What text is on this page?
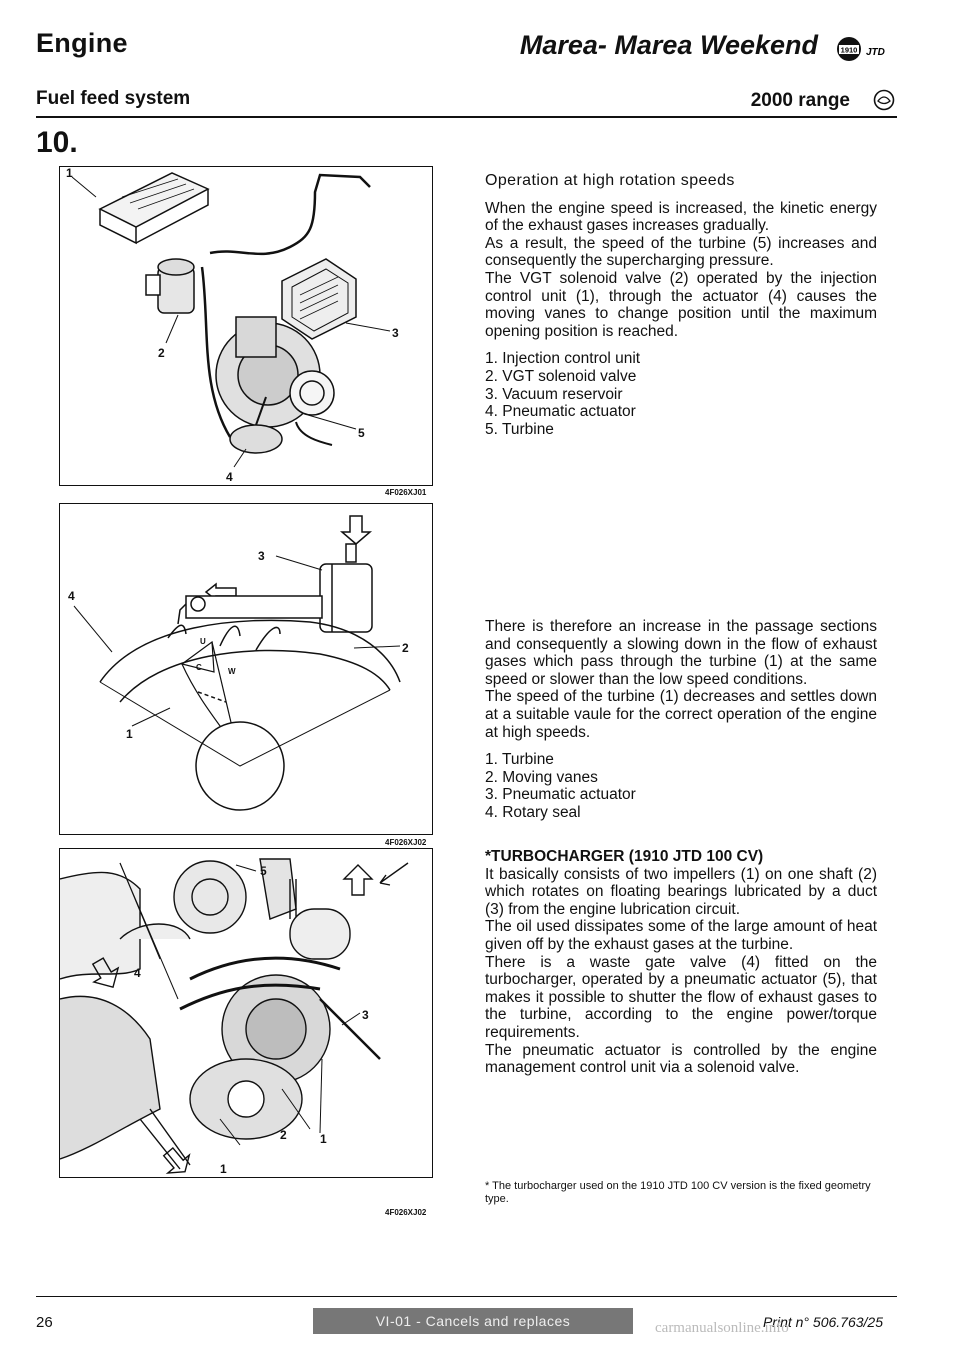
Engine
Fuel feed system
Marea- Marea Weekend	1910 JTD
2000 range
10.
1
2
3
4
5
4F026XJ01
1
2
3
4
U
C	W
4F026XJ02
1
1
2
3
4
5
4F026XJ02

Operation at high rotation speeds

When the engine speed is increased, the kinetic energy of the exhaust gases increases gradually.

As a result, the speed of the turbine (5) increases and consequently the supercharging pressure.

The VGT solenoid valve (2) operated by the injection control unit (1), through the actuator (4) causes the moving vanes to change position until the maximum opening position is reached.

1. Injection control unit
2. VGT solenoid valve
3. Vacuum reservoir
4. Pneumatic actuator
5. Turbine

There is therefore an increase in the passage sections and consequently a slowing down in the flow of exhaust gases which pass through the turbine (1) at the same speed or slower than the low speed conditions.

The speed of the turbine (1) decreases and settles down at a suitable vaule for the correct operation of the engine at high speeds.

1. Turbine
2. Moving vanes
3. Pneumatic actuator
4. Rotary seal

*TURBOCHARGER (1910 JTD 100 CV)

It basically consists of two impellers (1) on one shaft (2) which rotates on floating bearings lubricated by a duct (3) from the engine lubrication circuit.

The oil used dissipates some of the large amount of heat given off by the exhaust gases at the turbine.

There is a waste gate valve (4) fitted on the turbocharger, operated by a pneumatic actuator (5), that makes it possible to shutter the flow of exhaust gases to the turbine, according to the engine power/torque requirements.

The pneumatic actuator is controlled by the engine management control unit via a solenoid valve.

* The turbocharger used on the 1910 JTD 100 CV version is the fixed geometry type.
26	VI-01 - Cancels and replaces	Print n° 506.763/25
carmanualsonline.info
